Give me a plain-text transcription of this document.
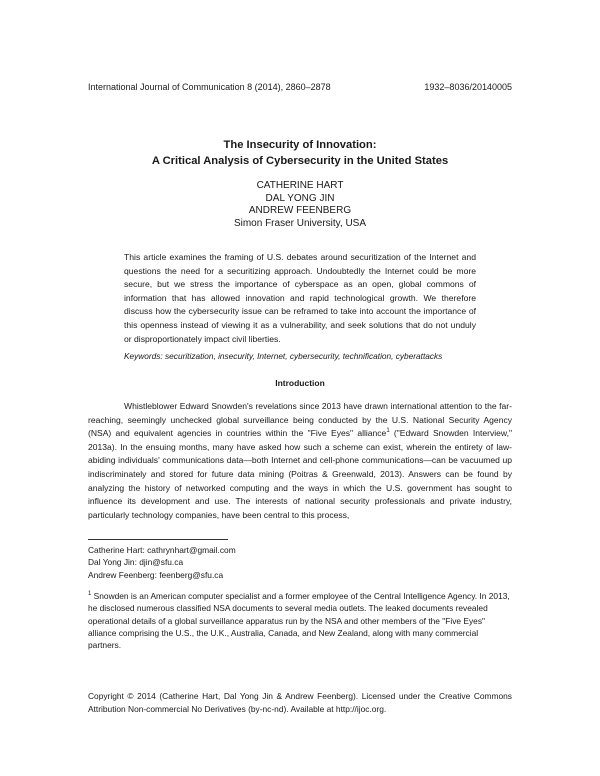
International Journal of Communication 8 (2014), 2860–2878	1932–8036/20140005
The Insecurity of Innovation:
A Critical Analysis of Cybersecurity in the United States
CATHERINE HART
DAL YONG JIN
ANDREW FEENBERG
Simon Fraser University, USA

This article examines the framing of U.S. debates around securitization of the Internet and questions the need for a securitizing approach. Undoubtedly the Internet could be more secure, but we stress the importance of cyberspace as an open, global commons of information that has allowed innovation and rapid technological growth. We therefore discuss how the cybersecurity issue can be reframed to take into account the importance of this openness instead of viewing it as a vulnerability, and seek solutions that do not unduly or disproportionately impact civil liberties.

Keywords: securitization, insecurity, Internet, cybersecurity, technification, cyberattacks
Introduction

Whistleblower Edward Snowden's revelations since 2013 have drawn international attention to the far-reaching, seemingly unchecked global surveillance being conducted by the U.S. National Security Agency (NSA) and equivalent agencies in countries within the "Five Eyes" alliance$^1$ ("Edward Snowden Interview," 2013a). In the ensuing months, many have asked how such a scheme can exist, wherein the entirety of law-abiding individuals' communications data—both Internet and cell-phone communications—can be vacuumed up indiscriminately and stored for future data mining (Poitras & Greenwald, 2013). Answers can be found by analyzing the history of networked computing and the ways in which the U.S. government has sought to influence its development and use. The interests of national security professionals and private industry, particularly technology companies, have been central to this process,

Catherine Hart: cathrynhart@gmail.com
Dal Yong Jin: djin@sfu.ca
Andrew Feenberg: feenberg@sfu.ca

$^1$ Snowden is an American computer specialist and a former employee of the Central Intelligence Agency. In 2013, he disclosed numerous classified NSA documents to several media outlets. The leaked documents revealed operational details of a global surveillance apparatus run by the NSA and other members of the "Five Eyes" alliance comprising the U.S., the U.K., Australia, Canada, and New Zealand, along with many commercial partners.

Copyright © 2014 (Catherine Hart, Dal Yong Jin & Andrew Feenberg). Licensed under the Creative Commons Attribution Non-commercial No Derivatives (by-nc-nd). Available at http://ijoc.org.
